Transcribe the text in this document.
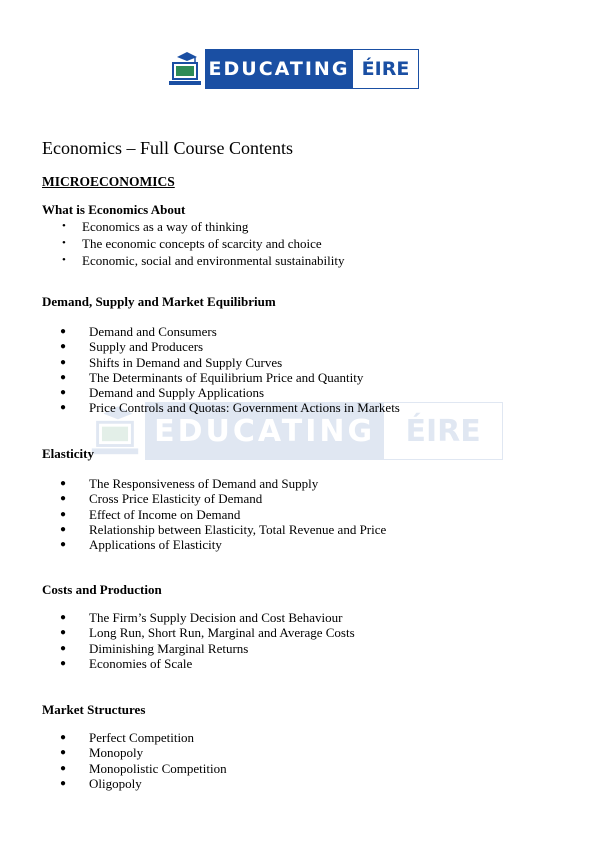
EDUCATING ÉIRE
EDUCATING	ÉIRE
Economics – Full Course Contents
MICROECONOMICS
What is Economics About
• Economics as a way of thinking
• The economic concepts of scarcity and choice
• Economic, social and environmental sustainability
Demand, Supply and Market Equilibrium
● Demand and Consumers
● Supply and Producers
● Shifts in Demand and Supply Curves
● The Determinants of Equilibrium Price and Quantity
● Demand and Supply Applications
● Price Controls and Quotas: Government Actions in Markets
Elasticity
● The Responsiveness of Demand and Supply
● Cross Price Elasticity of Demand
● Effect of Income on Demand
● Relationship between Elasticity, Total Revenue and Price
● Applications of Elasticity
Costs and Production
● The Firm’s Supply Decision and Cost Behaviour
● Long Run, Short Run, Marginal and Average Costs
● Diminishing Marginal Returns
● Economies of Scale
Market Structures
● Perfect Competition
● Monopoly
● Monopolistic Competition
● Oligopoly
